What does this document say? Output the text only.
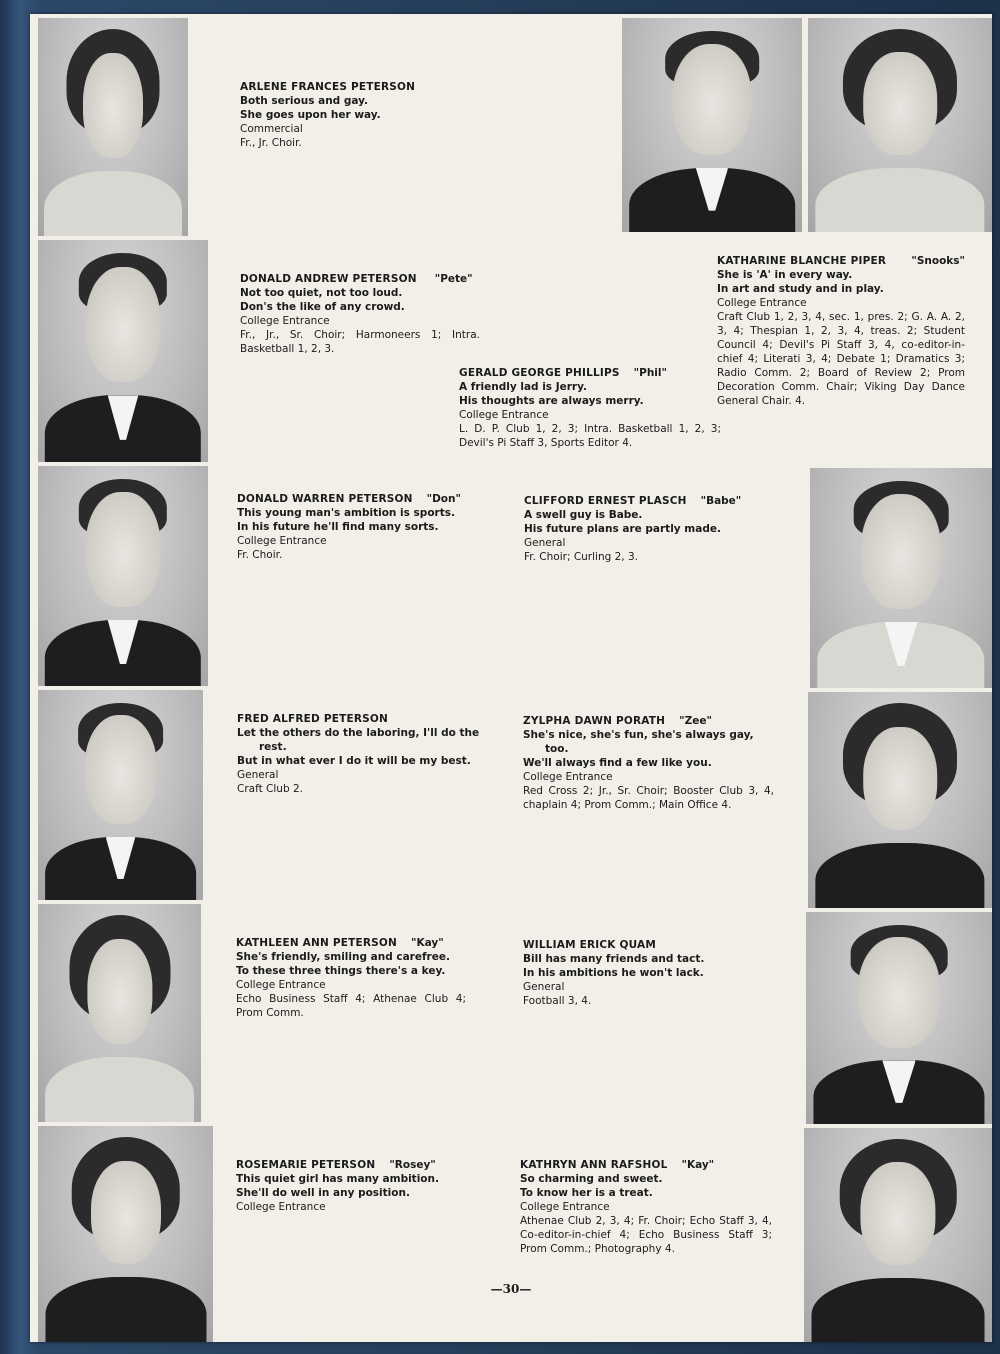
ARLENE FRANCES PETERSON
Both serious and gay.
She goes upon her way.
Commercial
Fr., Jr. Choir.
DONALD ANDREW PETERSON "Pete"
Not too quiet, not too loud.
Don's the like of any crowd.
College Entrance
Fr., Jr., Sr. Choir; Harmoneers 1; Intra. Basketball 1, 2, 3.
DONALD WARREN PETERSON "Don"
This young man's ambition is sports.
In his future he'll find many sorts.
College Entrance
Fr. Choir.
FRED ALFRED PETERSON
Let the others do the laboring, I'll do the rest.
But in what ever I do it will be my best.
General
Craft Club 2.
KATHLEEN ANN PETERSON "Kay"
She's friendly, smiling and carefree.
To these three things there's a key.
College Entrance
Echo Business Staff 4; Athenae Club 4; Prom Comm.
ROSEMARIE PETERSON "Rosey"
This quiet girl has many ambition.
She'll do well in any position.
College Entrance
KATHARINE BLANCHE PIPER "Snooks"
She is 'A' in every way.
In art and study and in play.
College Entrance
Craft Club 1, 2, 3, 4, sec. 1, pres. 2; G. A. A. 2, 3, 4; Thespian 1, 2, 3, 4, treas. 2; Student Council 4; Devil's Pi Staff 3, 4, co-editor-in-chief 4; Literati 3, 4; Debate 1; Dramatics 3; Radio Comm. 2; Board of Review 2; Prom Decoration Comm. Chair; Viking Day Dance General Chair. 4.
GERALD GEORGE PHILLIPS "Phil"
A friendly lad is Jerry.
His thoughts are always merry.
College Entrance
L. D. P. Club 1, 2, 3; Intra. Basketball 1, 2, 3; Devil's Pi Staff 3, Sports Editor 4.
CLIFFORD ERNEST PLASCH "Babe"
A swell guy is Babe.
His future plans are partly made.
General
Fr. Choir; Curling 2, 3.
ZYLPHA DAWN PORATH "Zee"
She's nice, she's fun, she's always gay, too.
We'll always find a few like you.
College Entrance
Red Cross 2; Jr., Sr. Choir; Booster Club 3, 4, chaplain 4; Prom Comm.; Main Office 4.
WILLIAM ERICK QUAM
Bill has many friends and tact.
In his ambitions he won't lack.
General
Football 3, 4.
KATHRYN ANN RAFSHOL "Kay"
So charming and sweet.
To know her is a treat.
College Entrance
Athenae Club 2, 3, 4; Fr. Choir; Echo Staff 3, 4, Co-editor-in-chief 4; Echo Business Staff 3; Prom Comm.; Photography 4.
—30—
